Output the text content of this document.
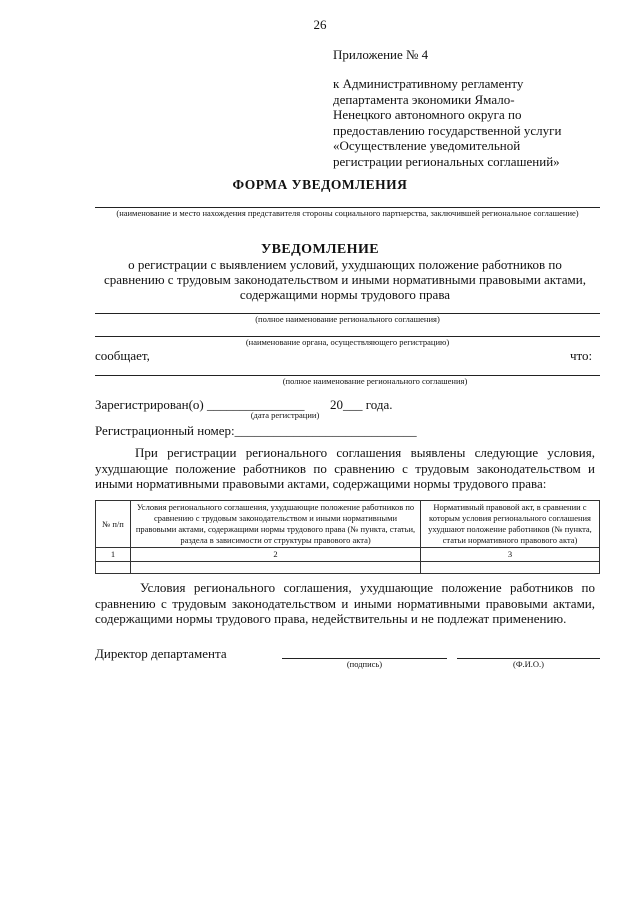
26
Приложение № 4
к Административному регламенту
департамента экономики Ямало-
Ненецкого автономного округа по
предоставлению государственной услуги
«Осуществление уведомительной
регистрации региональных соглашений»
ФОРМА УВЕДОМЛЕНИЯ
(наименование и место нахождения представителя стороны социального партнерства, заключившей региональное соглашение)
УВЕДОМЛЕНИЕ
о регистрации с выявлением условий, ухудшающих положение работников по сравнению с трудовым законодательством и иными нормативными правовыми актами, содержащими нормы трудового права
(полное наименование регионального соглашения)
(наименование органа, осуществляющего регистрацию)
сообщает,	что:
(полное наименование регионального соглашения)
Зарегистрирован(о) _______________ 20___ года.
(дата регистрации)
Регистрационный номер:____________________________
При регистрации регионального соглашения выявлены следующие условия, ухудшающие положение работников по сравнению с трудовым законодательством и иными нормативными правовыми актами, содержащими нормы трудового права:
№ п/п	Условия регионального соглашения, ухудшающие положение работников по сравнению с трудовым законодательством и иными нормативными правовыми актами, содержащими нормы трудового права (№ пункта, статьи, раздела в зависимости от структуры правового акта)	Нормативный правовой акт, в сравнении с которым условия регионального соглашения ухудшают положение работников (№ пункта, статьи нормативного правового акта)
1	2	3

Условия регионального соглашения, ухудшающие положение работников по сравнению с трудовым законодательством и иными нормативными правовыми актами, содержащими нормы трудового права, недействительны и не подлежат применению.
Директор департамента
(подпись)	(Ф.И.О.)
